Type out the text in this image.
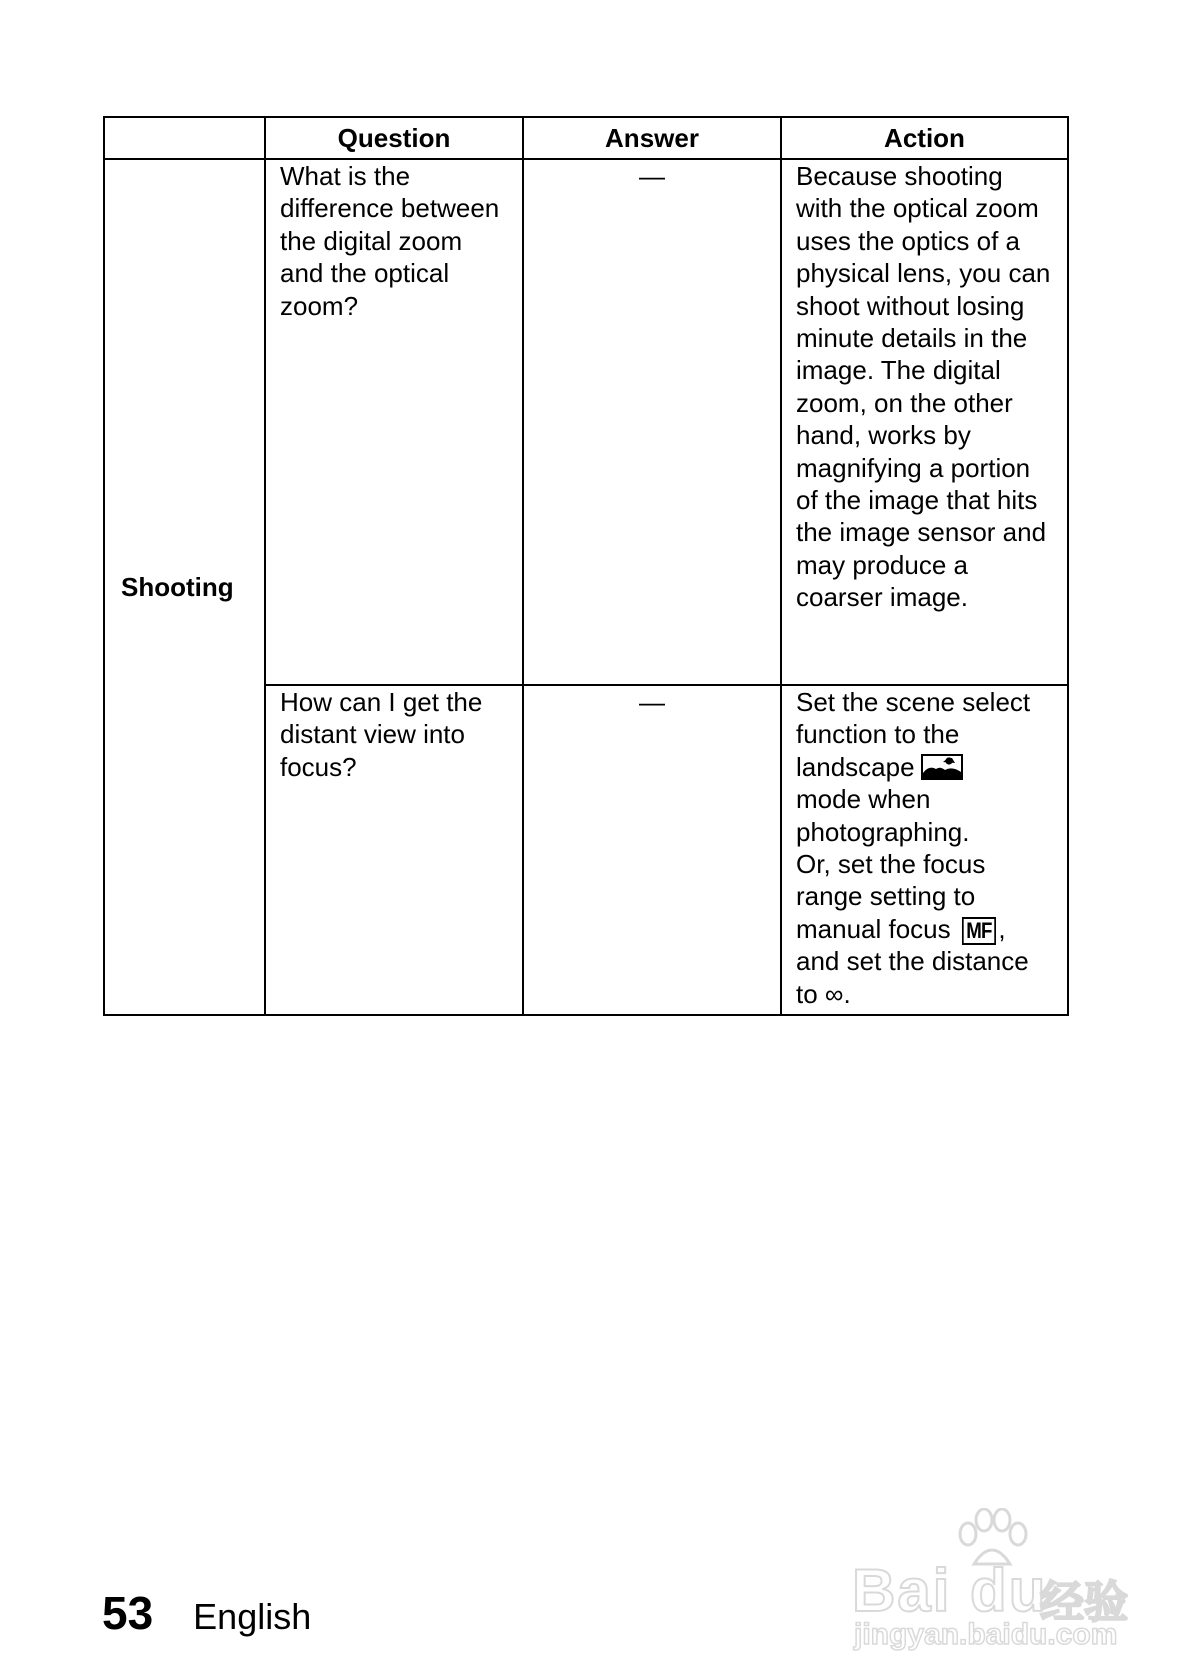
	Question	Answer	Action
Shooting	What is the difference between the digital zoom and the optical zoom?	—	Because shooting with the optical zoom uses the optics of a physical lens, you can shoot without losing minute details in the image. The digital zoom, on the other hand, works by magnifying a portion of the image that hits the image sensor and may produce a coarser image.
	How can I get the distant view into focus?	—	Set the scene select function to the landscape
mode when photographing.
Or, set the focus range setting to manual focus MF , and set the distance to ∞.
53 English	Bai du
经验
jingyan.baidu.com
